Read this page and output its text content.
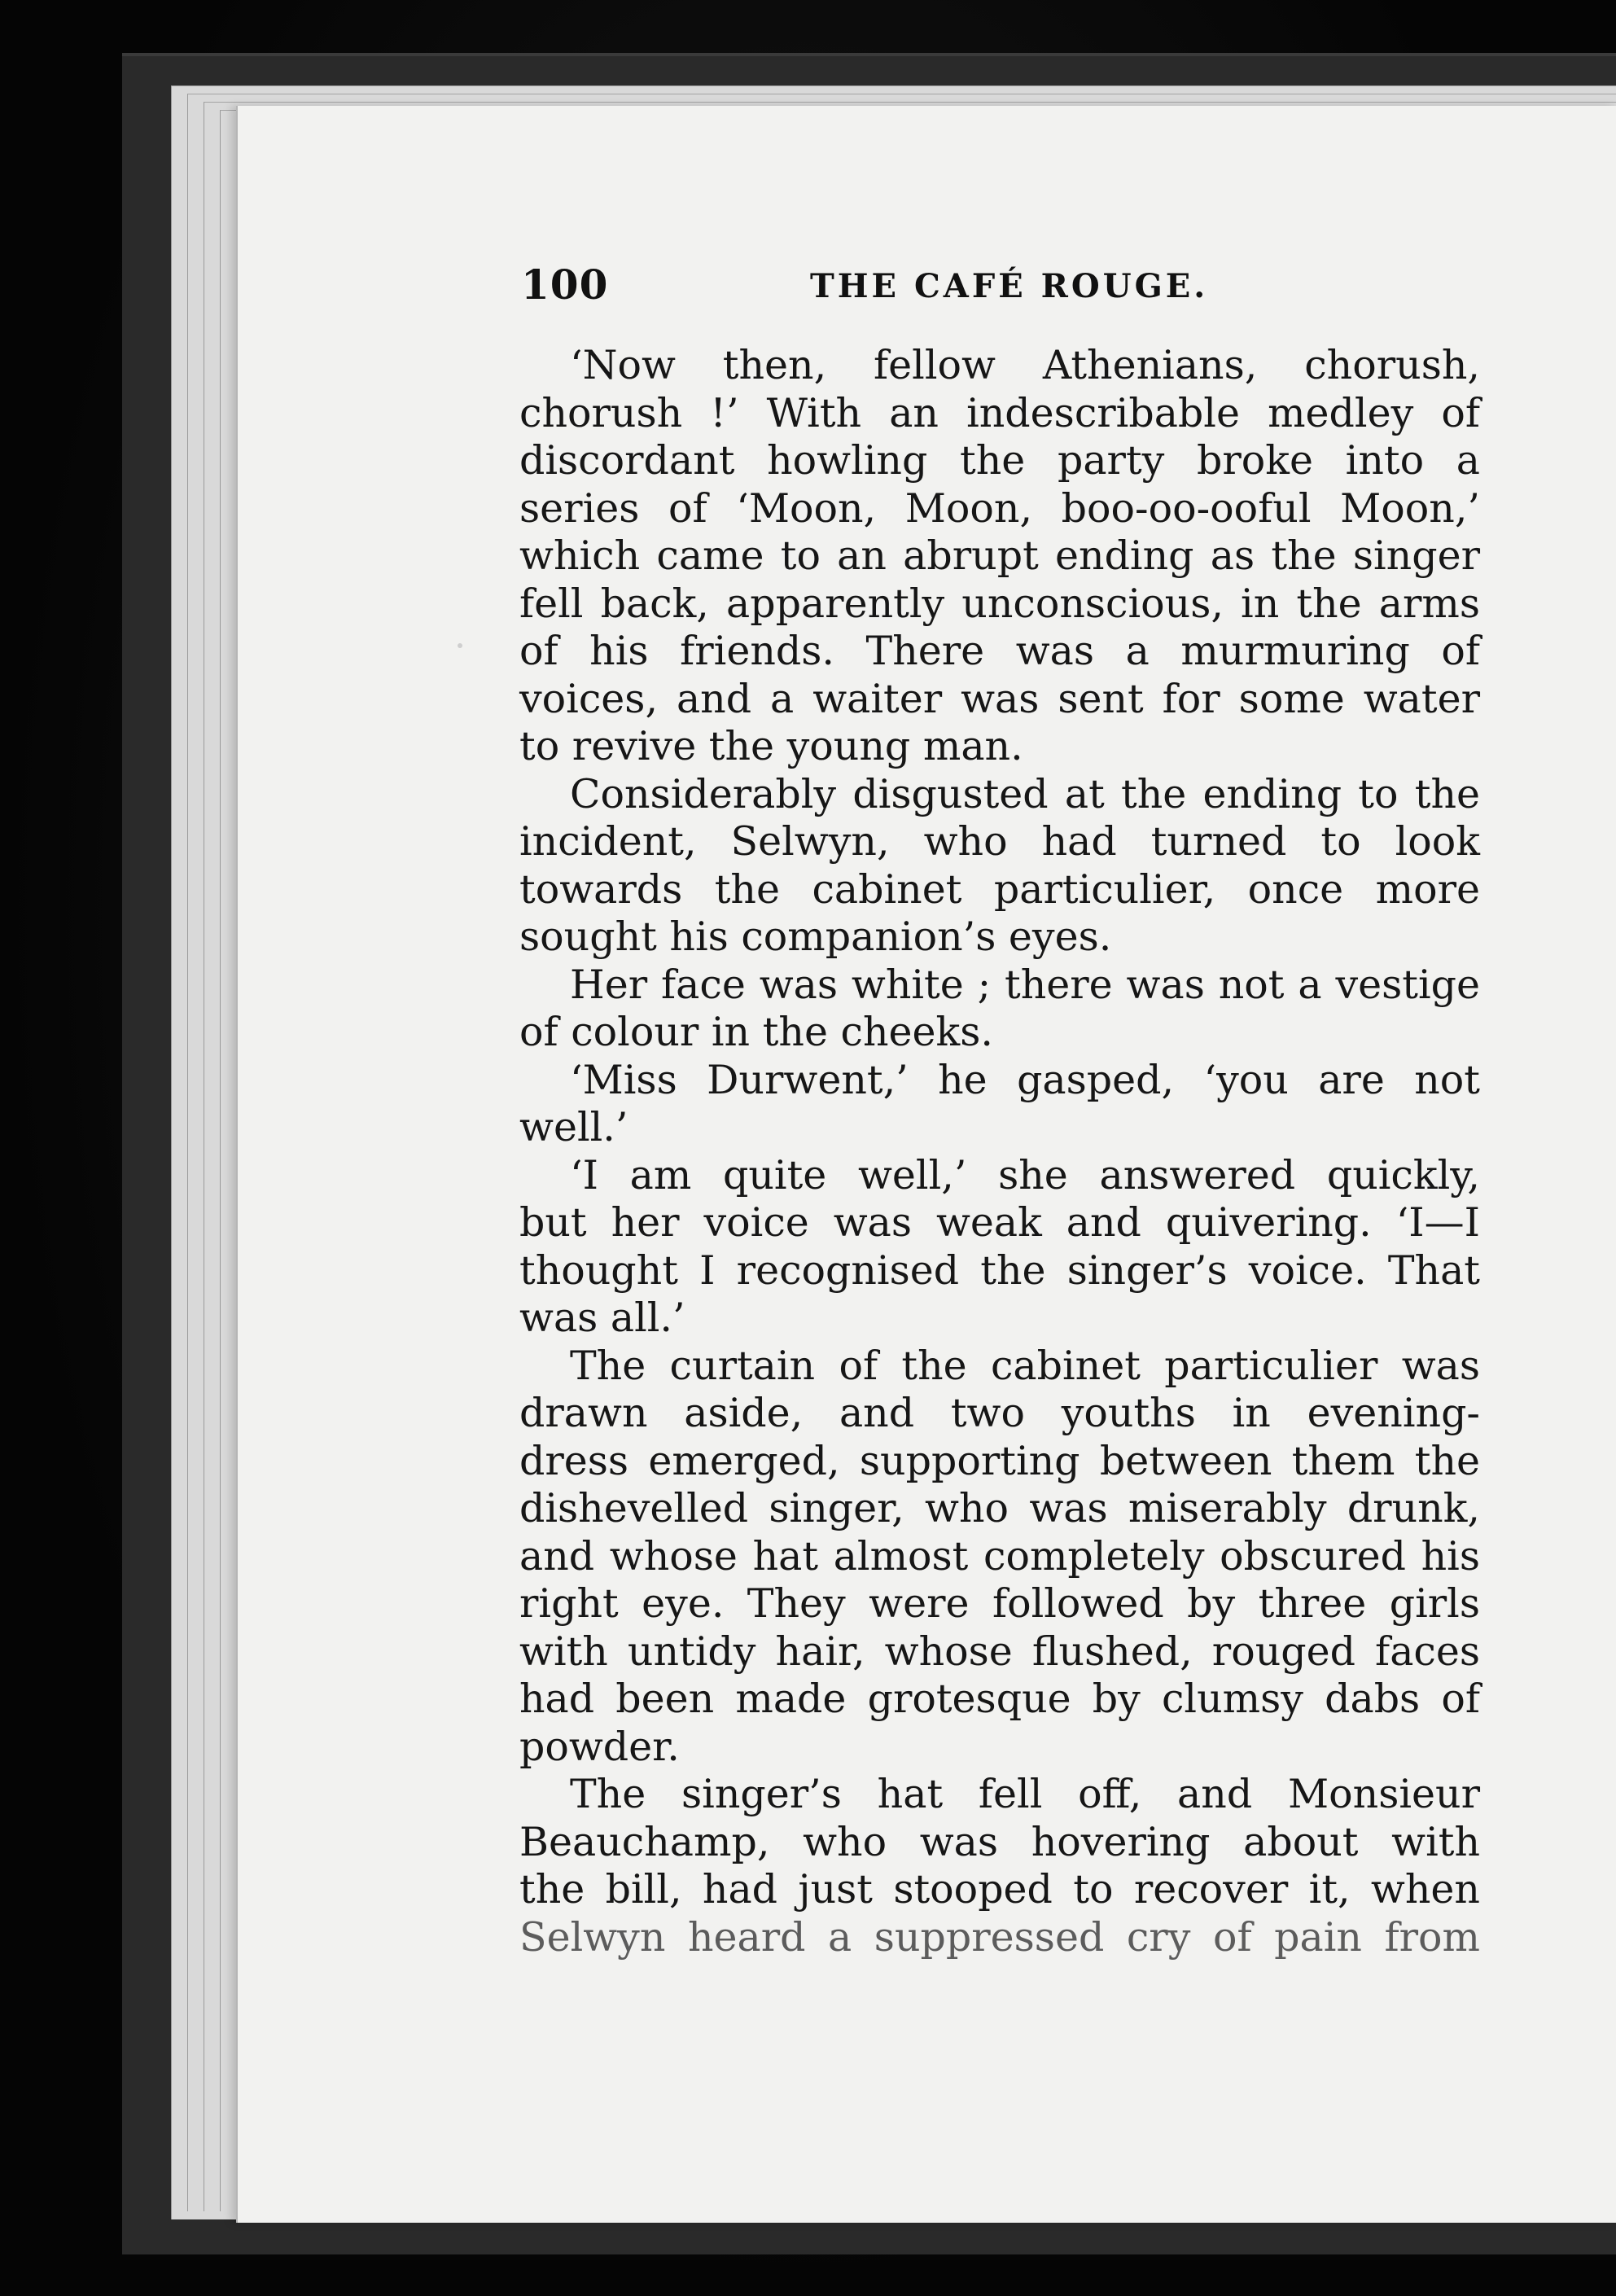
100	THE CAFÉ ROUGE.
‘Now then, fellow Athenians, chorush,
chorush !’ With an indescribable medley of
discordant howling the party broke into a
series of ‘Moon, Moon, boo-oo-ooful Moon,’
which came to an abrupt ending as the singer
fell back, apparently unconscious, in the arms
of his friends. There was a murmuring of
voices, and a waiter was sent for some water
to revive the young man.
Considerably disgusted at the ending to the
incident, Selwyn, who had turned to look
towards the cabinet particulier, once more
sought his companion’s eyes.
Her face was white ; there was not a vestige
of colour in the cheeks.
‘Miss Durwent,’ he gasped, ‘you are not
well.’
‘I am quite well,’ she answered quickly,
but her voice was weak and quivering. ‘I—I
thought I recognised the singer’s voice. That
was all.’
The curtain of the cabinet particulier was
drawn aside, and two youths in evening-
dress emerged, supporting between them the
dishevelled singer, who was miserably drunk,
and whose hat almost completely obscured his
right eye. They were followed by three girls
with untidy hair, whose flushed, rouged faces
had been made grotesque by clumsy dabs of
powder.
The singer’s hat fell off, and Monsieur
Beauchamp, who was hovering about with
the bill, had just stooped to recover it, when
Selwyn heard a suppressed cry of pain from
